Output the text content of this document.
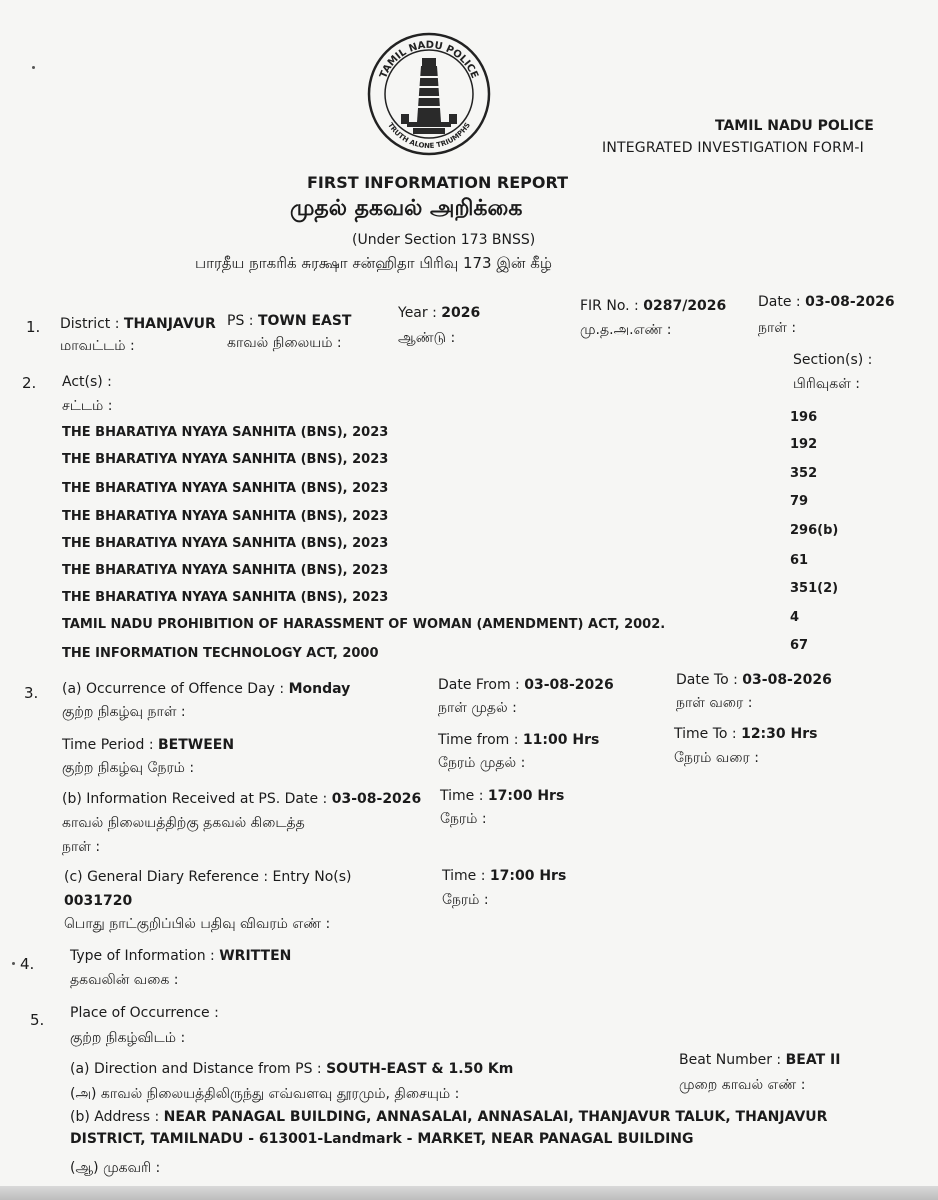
TAMIL NADU POLICE
TRUTH ALONE TRIUMPHS	TAMIL NADU POLICE
INTEGRATED INVESTIGATION FORM-I
FIRST INFORMATION REPORT
முதல் தகவல் அறிக்கை
(Under Section 173 BNSS)
பாரதீய நாகரிக் சுரக்ஷா சன்ஹிதா பிரிவு 173 இன் கீழ்
1. District : THANJAVUR
மாவட்டம் :
PS : TOWN EAST
காவல் நிலையம் :
Year : 2026
ஆண்டு :
FIR No. : 0287/2026
மு.த.அ.எண் :
Date : 03-08-2026
நாள் :
2. Act(s) :
சட்டம் :
Section(s) :
பிரிவுகள் :
THE BHARATIYA NYAYA SANHITA (BNS), 2023
196
THE BHARATIYA NYAYA SANHITA (BNS), 2023
192
THE BHARATIYA NYAYA SANHITA (BNS), 2023
352
THE BHARATIYA NYAYA SANHITA (BNS), 2023
79
THE BHARATIYA NYAYA SANHITA (BNS), 2023
296(b)
THE BHARATIYA NYAYA SANHITA (BNS), 2023
61
THE BHARATIYA NYAYA SANHITA (BNS), 2023
351(2)
TAMIL NADU PROHIBITION OF HARASSMENT OF WOMAN (AMENDMENT) ACT, 2002.	4
THE INFORMATION TECHNOLOGY ACT, 2000
67
3. (a) Occurrence of Offence Day : Monday
குற்ற நிகழ்வு நாள் :
Date From : 03-08-2026
நாள் முதல் :
Date To : 03-08-2026
நாள் வரை :
Time Period : BETWEEN
குற்ற நிகழ்வு நேரம் :
Time from : 11:00 Hrs
நேரம் முதல் :
Time To : 12:30 Hrs
நேரம் வரை :
(b) Information Received at PS. Date : 03-08-2026
காவல் நிலையத்திற்கு தகவல் கிடைத்த
நாள் :
Time : 17:00 Hrs
நேரம் :
(c) General Diary Reference : Entry No(s)
0031720
பொது நாட்குறிப்பில் பதிவு விவரம் எண் :
Time : 17:00 Hrs
நேரம் :
4.	Type of Information : WRITTEN
தகவலின் வகை :
5. Place of Occurrence :
குற்ற நிகழ்விடம் :
(a) Direction and Distance from PS : SOUTH-EAST & 1.50 Km
(அ) காவல் நிலையத்திலிருந்து எவ்வளவு தூரமும், திசையும் :
Beat Number : BEAT II
முறை காவல் எண் :
(b) Address : NEAR PANAGAL BUILDING, ANNASALAI, ANNASALAI, THANJAVUR TALUK, THANJAVUR
DISTRICT, TAMILNADU - 613001-Landmark - MARKET, NEAR PANAGAL BUILDING
(ஆ) முகவரி :
